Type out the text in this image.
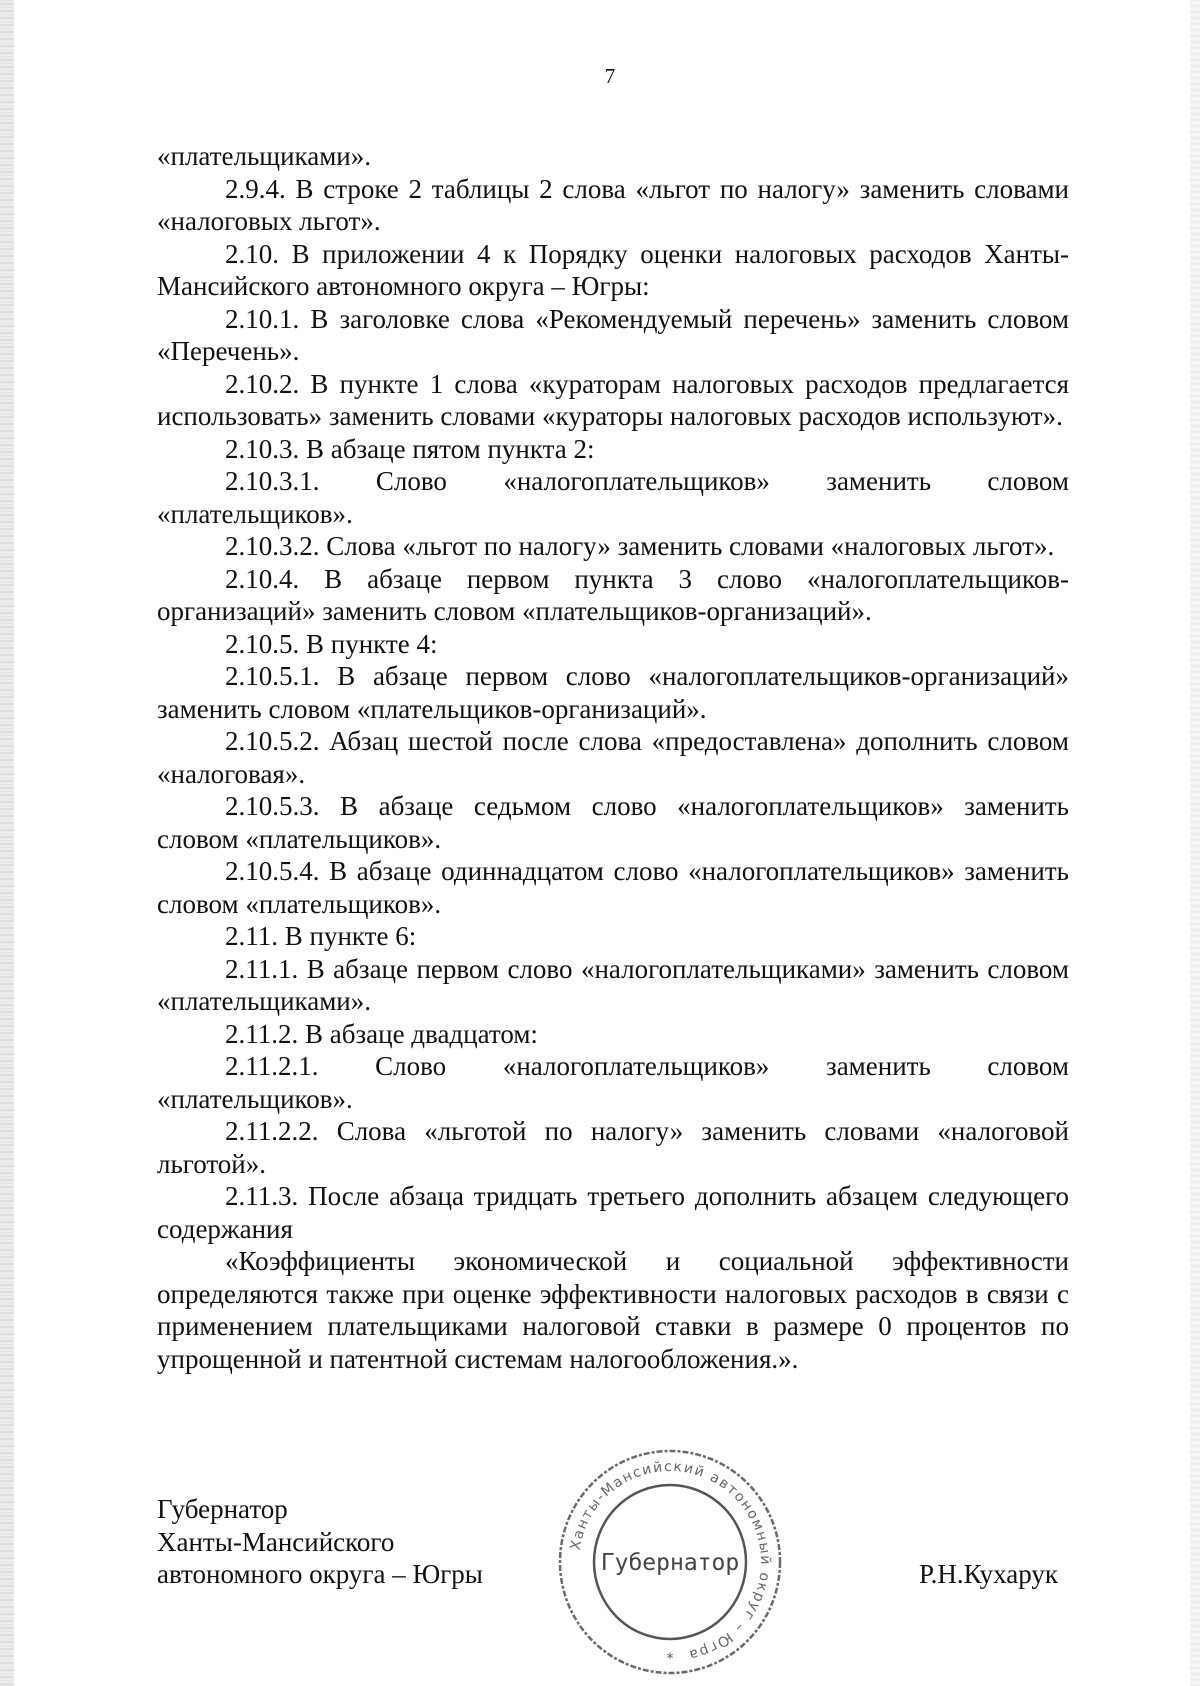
7

«плательщиками».

2.9.4. В строке 2 таблицы 2 слова «льгот по налогу» заменить словами «налоговых льгот».

2.10. В приложении 4 к Порядку оценки налоговых расходов Ханты-Мансийского автономного округа – Югры:

2.10.1. В заголовке слова «Рекомендуемый перечень» заменить словом «Перечень».

2.10.2. В пункте 1 слова «кураторам налоговых расходов предлагается использовать» заменить словами «кураторы налоговых расходов используют».

2.10.3. В абзаце пятом пункта 2:

2.10.3.1. Слово «налогоплательщиков» заменить словом «плательщиков».

2.10.3.2. Слова «льгот по налогу» заменить словами «налоговых льгот».

2.10.4. В абзаце первом пункта 3 слово «налогоплательщиков-организаций» заменить словом «плательщиков-организаций».

2.10.5. В пункте 4:

2.10.5.1. В абзаце первом слово «налогоплательщиков-организаций» заменить словом «плательщиков-организаций».

2.10.5.2. Абзац шестой после слова «предоставлена» дополнить словом «налоговая».

2.10.5.3. В абзаце седьмом слово «налогоплательщиков» заменить словом «плательщиков».

2.10.5.4. В абзаце одиннадцатом слово «налогоплательщиков» заменить словом «плательщиков».

2.11. В пункте 6:

2.11.1. В абзаце первом слово «налогоплательщиками» заменить словом «плательщиками».

2.11.2. В абзаце двадцатом:

2.11.2.1. Слово «налогоплательщиков» заменить словом «плательщиков».

2.11.2.2. Слова «льготой по налогу» заменить словами «налоговой льготой».

2.11.3. После абзаца тридцать третьего дополнить абзацем следующего содержания

«Коэффициенты экономической и социальной эффективности определяются также при оценке эффективности налоговых расходов в связи с применением плательщиками налоговой ставки в размере 0 процентов по упрощенной и патентной системам налогообложения.».

Губернатор
Ханты-Мансийского
автономного округа – Югры	Р.Н.Кухарук
Ханты-Мансийский автономный округ – Югра
Губернатор
*
